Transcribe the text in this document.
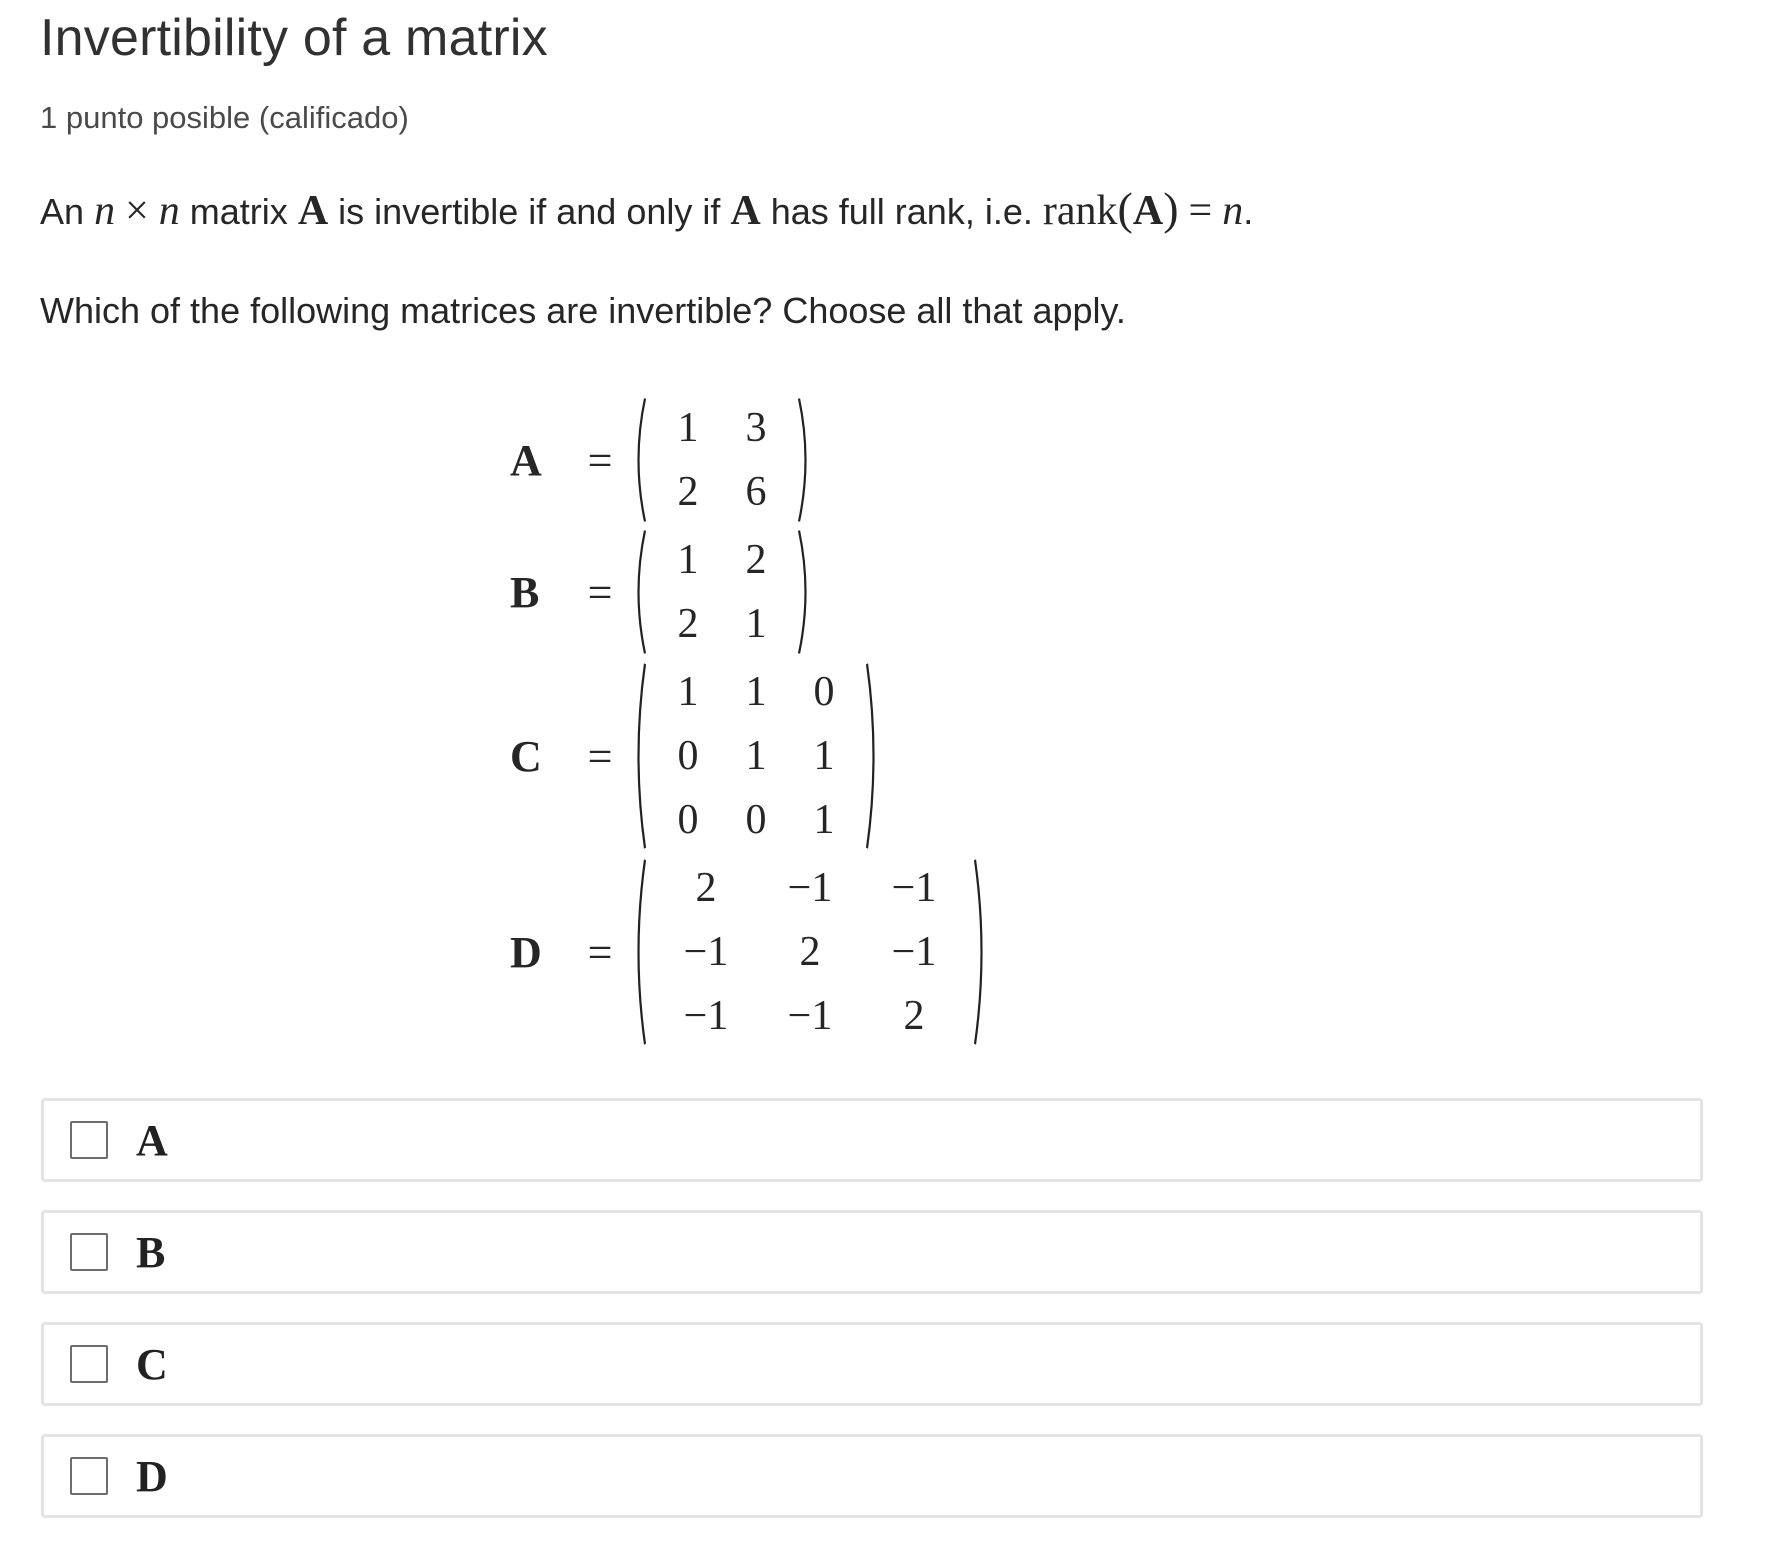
Invertibility of a matrix
1 punto posible (calificado)
An n × n matrix A is invertible if and only if A has full rank, i.e. rank(A) = n.
Which of the following matrices are invertible? Choose all that apply.
A	=
1	3
2	6
B	=
1	2
2	1
C	=
1	1	0
0	1	1
0	0	1
D	=
2	−1	−1
−1	2	−1
−1	−1	2
A
B
C
D
